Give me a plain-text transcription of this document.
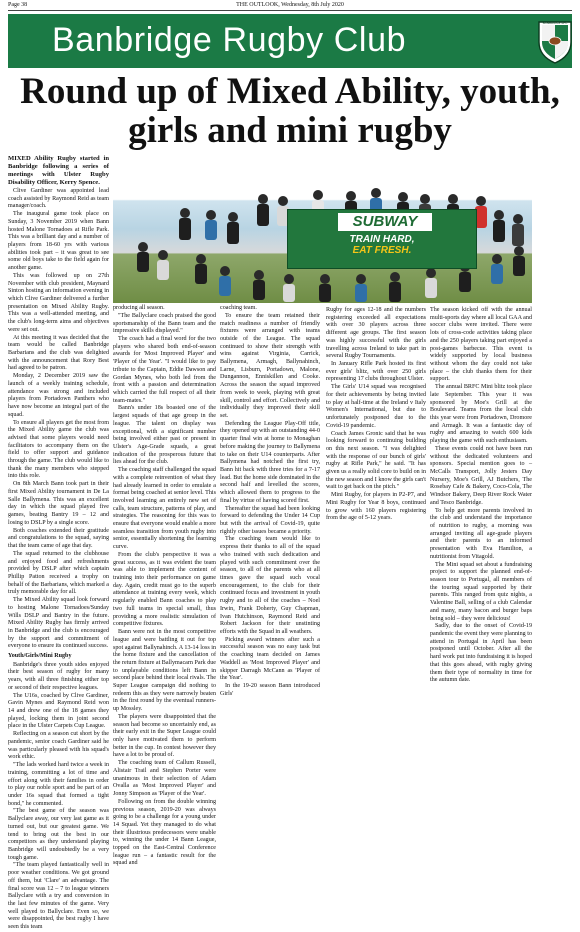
Page 38	THE OUTLOOK, Wednesday, 8th July 2020
Banbridge Rugby Club	BANBRIDGE RFC
Round up of Mixed Ability, youth, girls and mini rugby

MIXED Ability Rugby started in Banbridge following a series of meetings with Ulster Rugby Disability Officer, Kerry Spence.

Clive Gardiner was appointed lead coach assisted by Raymond Reid as team manager/coach.

The inaugural game took place on Sunday, 3 November 2019 when Bann hosted Malone Tornadoes at Rifle Park. This was a brilliant day and a number of players from 18-60 yrs with various abilities took part – it was great to see some old boys take to the field again for another game.

This was followed up on 27th November with club president, Maynard Sinton hosting an information evening in which Clive Gardiner delivered a further presentation on Mixed Ability Rugby. This was a well-attended meeting, and the club's long-term aims and objectives were set out.

At this meeting it was decided that the team would be called Banbridge Barbarians and the club was delighted with the announcement that Rory Best had agreed to be patron.

Monday, 2 December 2019 saw the launch of a weekly training schedule, attendance was strong and included players from Portadown Panthers who have now become an integral part of the squad.

To ensure all players get the most from the Mixed Ability game the club was advised that some players would need facilitators to accompany them on the field to offer support and guidance through the game. The club would like to thank the many members who stepped into this role.

On 8th March Bann took part in their first Mixed Ability tournament in De La Salle Ballymena. This was an excellent day in which the squad played five games, beating Bantry 19 – 12 and losing to DSLP by a single score.

Both coaches extended their gratitude and congratulations to the squad, saying that the team came of age that day.

The squad returned to the clubhouse and enjoyed food and refreshments provided by DSLP after which captain Phillip Patton received a trophy on behalf of the Barbarians, which marked a truly memorable day for all.

The Mixed Ability squad look forward to hosting Malone Tornadoes/Sunday Wills DSLP and Bantry in the future. Mixed Ability Rugby has firmly arrived in Banbridge and the club is encouraged by the support and commitment of everyone to ensure its continued success.

Youth/Girls/Mini Rugby

Banbridge's three youth sides enjoyed their best season of rugby for many years, with all three finishing either top or second of their respective leagues.

The U16s, coached by Clive Gardiner, Gavin Mynes and Raymond Reid won 14 and drew one of the 18 games they played, locking them in joint second place in the Ulster Carpets Cup League.

Reflecting on a season cut short by the pandemic, senior coach Gardiner said he was particularly pleased with his squad's work ethic.

"The lads worked hard twice a week in training, committing a lot of time and effort along with their families in order to play our noble sport and be part of an under 16s squad that formed a tight bond," he commented.

"The best game of the season was Ballyclare away, our very last game as it turned out, but our greatest game. We tend to bring out the best in our competitors as they understand playing Banbridge will undoubtedly be a very tough game.

"The team played fantastically well in poor weather conditions. We got ground off them, but 'Clare' an advantage. The final score was 12 – 7 to league winners Ballyclare with a try and conversion in the last few minutes of the game. Very well played to Ballyclare. Even so, we were disappointed, the best rugby I have seen this team

SUBWAY
TRAIN HARD,
EAT FRESH.

producing all season.

"The Ballyclare coach praised the good sportsmanship of the Bann team and the impressive skills displayed."

The coach had a final word for the two players who shared both end-of-season awards for 'Most Improved Player' and 'Player of the Year'. "I would like to pay tribute to the Captain, Eddie Dawson and Gordan Mynes, who both led from the front with a passion and determination which carried the full respect of all their team-mates."

Bann's under 18s boasted one of the largest squads of that age group in the league. The talent on display was exceptional, with a significant number being involved either past or present in Ulster's Age-Grade squads, a great indication of the prosperous future that lies ahead for the club.

The coaching staff challenged the squad with a complete reinvention of what they had already learned in order to emulate a format being coached at senior level. This involved learning an entirely new set of calls, team structure, patterns of play, and strategies. The reasoning for this was to ensure that everyone would enable a more seamless transition from youth rugby into senior, essentially shortening the learning curve.

From the club's perspective it was a great success, as it was evident the team was able to implement the content of training into their performance on game day. Again, credit must go to the superb attendance at training every week, which regularly enabled Bann coaches to play two full teams in special small, thus providing a more realistic simulation of competitive fixtures.

Bann were not in the most competitive league and were battling it out for top spot against Ballynahinch. A 13-14 loss in the home fixture and the cancellation of the return fixture at Ballymacarn Park due to unplayable conditions left Bann in second place behind their local rivals. The Super League campaign did nothing to redeem this as they were narrowly beaten in the first round by the eventual runners-up Mossley.

The players were disappointed that the season had become so uncertainly end, as their early exit in the Super League could only have motivated them to perform better in the cup. In contest however they have a lot to be proud of.

The coaching team of Callum Russell, Alistair Trail and Stephen Porter were unanimous in their selection of Adam Ovalla as 'Most Improved Player' and Jonny Simpson as 'Player of the Year'.

Following on from the double winning previous season, 2019-20 was always going to be a challenge for a young under 14 Squad. Yet they managed to do what their illustrious predecessors were unable to, winning the under 14 Bann League, topped on the East-Central Conference league run – a fantastic result for the squad and

coaching team.

To ensure the team retained their match readiness a number of friendly fixtures were arranged with teams outside of the League. The squad continued to show their strength with wins against Virginia, Carrick, Ballymena, Armagh, Ballynahinch, Larne, Lisburn, Portadown, Malone, Dungannon, Enniskillen and Cooke. Across the season the squad improved from week to week, playing with great skill, control and effort. Collectively and individually they improved their skill set.

Defending the League Play-Off title, they opened up with an outstanding 44-0 quarter final win at home to Monaghan before making the journey to Ballymena to take on their U14 counterparts. After Ballymena had notched the first try, Bann hit back with three tries for a 7-17 lead. But the home side dominated in the second half and levelled the scores, which allowed them to progress to the final by virtue of having scored first.

Thereafter the squad had been looking forward to defending the Under 14 Cup but with the arrival of Covid-19, quite rightly other issues became a priority.

The coaching team would like to express their thanks to all of the squad who trained with such dedication and played with such commitment over the season, to all of the parents who at all times gave the squad such vocal encouragement, to the club for their continued focus and investment in youth rugby and to all of the coaches – Noel Irwin, Frank Doherty, Guy Chapman, Ivan Hutchinson, Raymond Reid and Robert Jackson for their unstinting efforts with the Squad in all weathers.

Picking award winners after such a successful season was no easy task but the coaching team decided on James Waddell as 'Most Improved Player' and skipper Darragh McCann as 'Player of the Year'.

In the 19-20 season Bann introduced Girls'

Rugby for ages 12-18 and the numbers registering exceeded all expectations with over 30 players across three different age groups. The first season was highly successful with the girls travelling across Ireland to take part in several Rugby Tournaments.

In January Rifle Park hosted its first ever girls' blitz, with over 250 girls representing 17 clubs throughout Ulster.

The Girls' U14 squad was recognised for their achievements by being invited to play at half-time at the Ireland v Italy Women's International, but due to unfortunately postponed due to the Covid-19 pandemic.

Coach James Gronic said that he was looking forward to continuing building on this next season. "I was delighted with the response of our bunch of girls' rugby at Rifle Park," he said. "It has given us a really solid core to build on in the new season and I know the girls can't wait to get back on the pitch."

Mini Rugby, for players in P2-P7, and Mini Rugby for Year 8 boys, continued to grow with 160 players registering from the age of 5-12 years.

The season kicked off with the annual multi-sports day where all local GAA and soccer clubs were invited. There were lots of cross-code activities taking place and the 250 players taking part enjoyed a post-games barbecue. This event is widely supported by local business without whom the day could not take place – the club thanks them for their support.

The annual BRFC Mini blitz took place late September. This year it was sponsored by Moe's Grill at the Boulevard. Teams from the local club this year were from Portadown, Dromore and Armagh. It was a fantastic day of rugby and amazing to watch 600 kids playing the game with such enthusiasm.

These events could not have been run without the dedicated volunteers and sponsors. Special mention goes to – McCalls Transport, Jolly Jesters Day Nursery, Moe's Grill, AJ Butchers, The Rosebay Cafe & Bakery, Coco-Cola, The Windsor Bakery, Deep River Rock Water and Tesco Banbridge.

To help get more parents involved in the club and understand the importance of nutrition to rugby, a morning was arranged inviting all age-grade players and their parents to an informed presentation with Eva Hamilton, a nutritionist from Vitagold.

The Mini squad set about a fundraising project to support the planned end-of-season tour to Portugal, all members of the touring squad supported by their parents. This ranged from quiz nights, a Valentine Ball, selling of a club Calendar and many, many bacon and burger baps being sold – they were delicious!

Sadly, due to the onset of Covid-19 pandemic the event they were planning to attend in Portugal in April has been postponed until October. After all the hard work put into fundraising it is hoped that this goes ahead, with rugby giving them their type of normality in time for the autumn date.
